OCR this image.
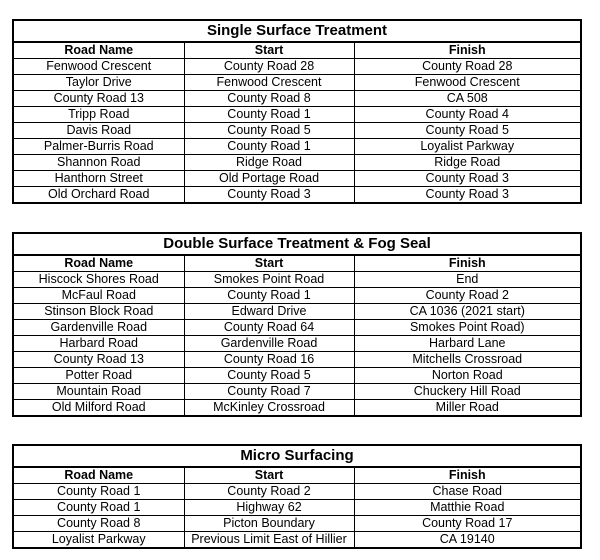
Single Surface Treatment		
Road Name	Start	Finish
Fenwood Crescent	County Road 28	County Road 28
Taylor Drive	Fenwood Crescent	Fenwood Crescent
County Road 13	County Road 8	CA 508
Tripp Road	County Road 1	County Road 4
Davis Road	County Road 5	County Road 5
Palmer-Burris Road	County Road 1	Loyalist Parkway
Shannon Road	Ridge Road	Ridge Road
Hanthorn Street	Old Portage Road	County Road 3
Old Orchard Road	County Road 3	County Road 3
Double Surface Treatment & Fog Seal		
Road Name	Start	Finish
Hiscock Shores Road	Smokes Point Road	End
McFaul Road	County Road 1	County Road 2
Stinson Block Road	Edward Drive	CA 1036 (2021 start)
Gardenville Road	County Road 64	Smokes Point Road)
Harbard Road	Gardenville Road	Harbard Lane
County Road 13	County Road 16	Mitchells Crossroad
Potter Road	County Road 5	Norton Road
Mountain Road	County Road 7	Chuckery Hill Road
Old Milford Road	McKinley Crossroad	Miller Road
Micro Surfacing		
Road Name	Start	Finish
County Road 1	County Road 2	Chase Road
County Road 1	Highway 62	Matthie Road
County Road 8	Picton Boundary	County Road 17
Loyalist Parkway	Previous Limit East of Hillier	CA 19140
